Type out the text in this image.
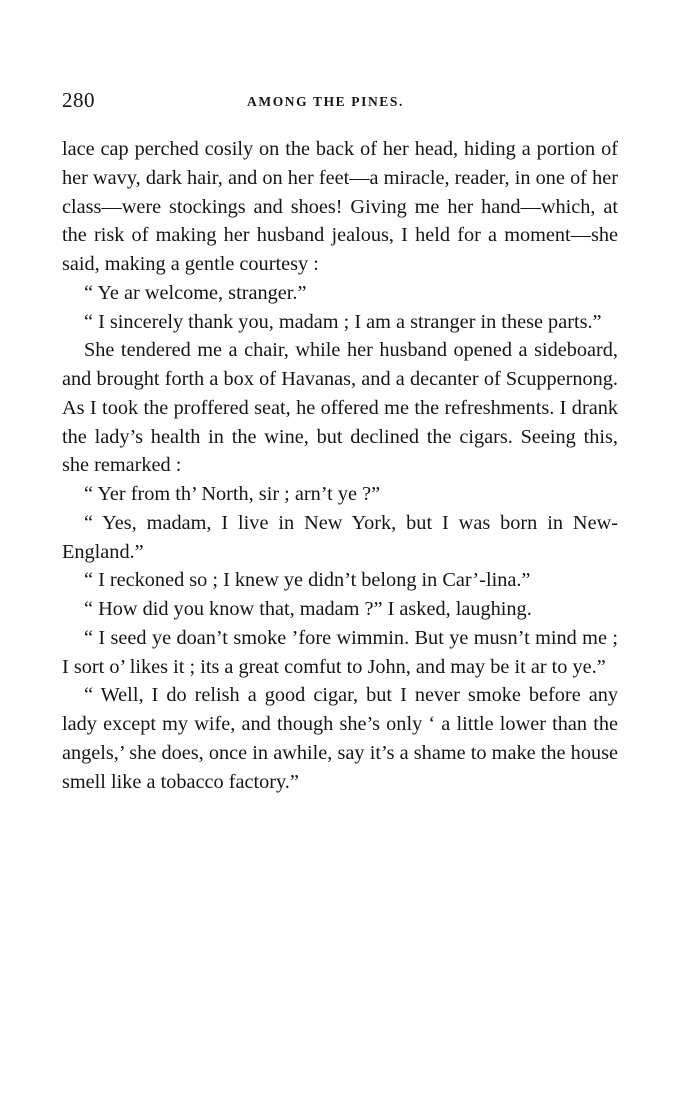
280	AMONG THE PINES.

lace cap perched cosily on the back of her head, hiding a portion of her wavy, dark hair, and on her feet—a miracle, reader, in one of her class—were stockings and shoes! Giving me her hand—which, at the risk of making her husband jealous, I held for a moment—she said, making a gentle courtesy :

“ Ye ar welcome, stranger.”

“ I sincerely thank you, madam ; I am a stranger in these parts.”

She tendered me a chair, while her husband opened a sideboard, and brought forth a box of Havanas, and a decanter of Scuppernong. As I took the proffered seat, he offered me the refreshments. I drank the lady’s health in the wine, but declined the cigars. Seeing this, she remarked :

“ Yer from th’ North, sir ; arn’t ye ?”

“ Yes, madam, I live in New York, but I was born in New-England.”

“ I reckoned so ; I knew ye didn’t belong in Car’-lina.”

“ How did you know that, madam ?” I asked, laughing.

“ I seed ye doan’t smoke ’fore wimmin. But ye musn’t mind me ; I sort o’ likes it ; its a great comfut to John, and may be it ar to ye.”

“ Well, I do relish a good cigar, but I never smoke before any lady except my wife, and though she’s only ‘ a little lower than the angels,’ she does, once in awhile, say it’s a shame to make the house smell like a tobacco factory.”
